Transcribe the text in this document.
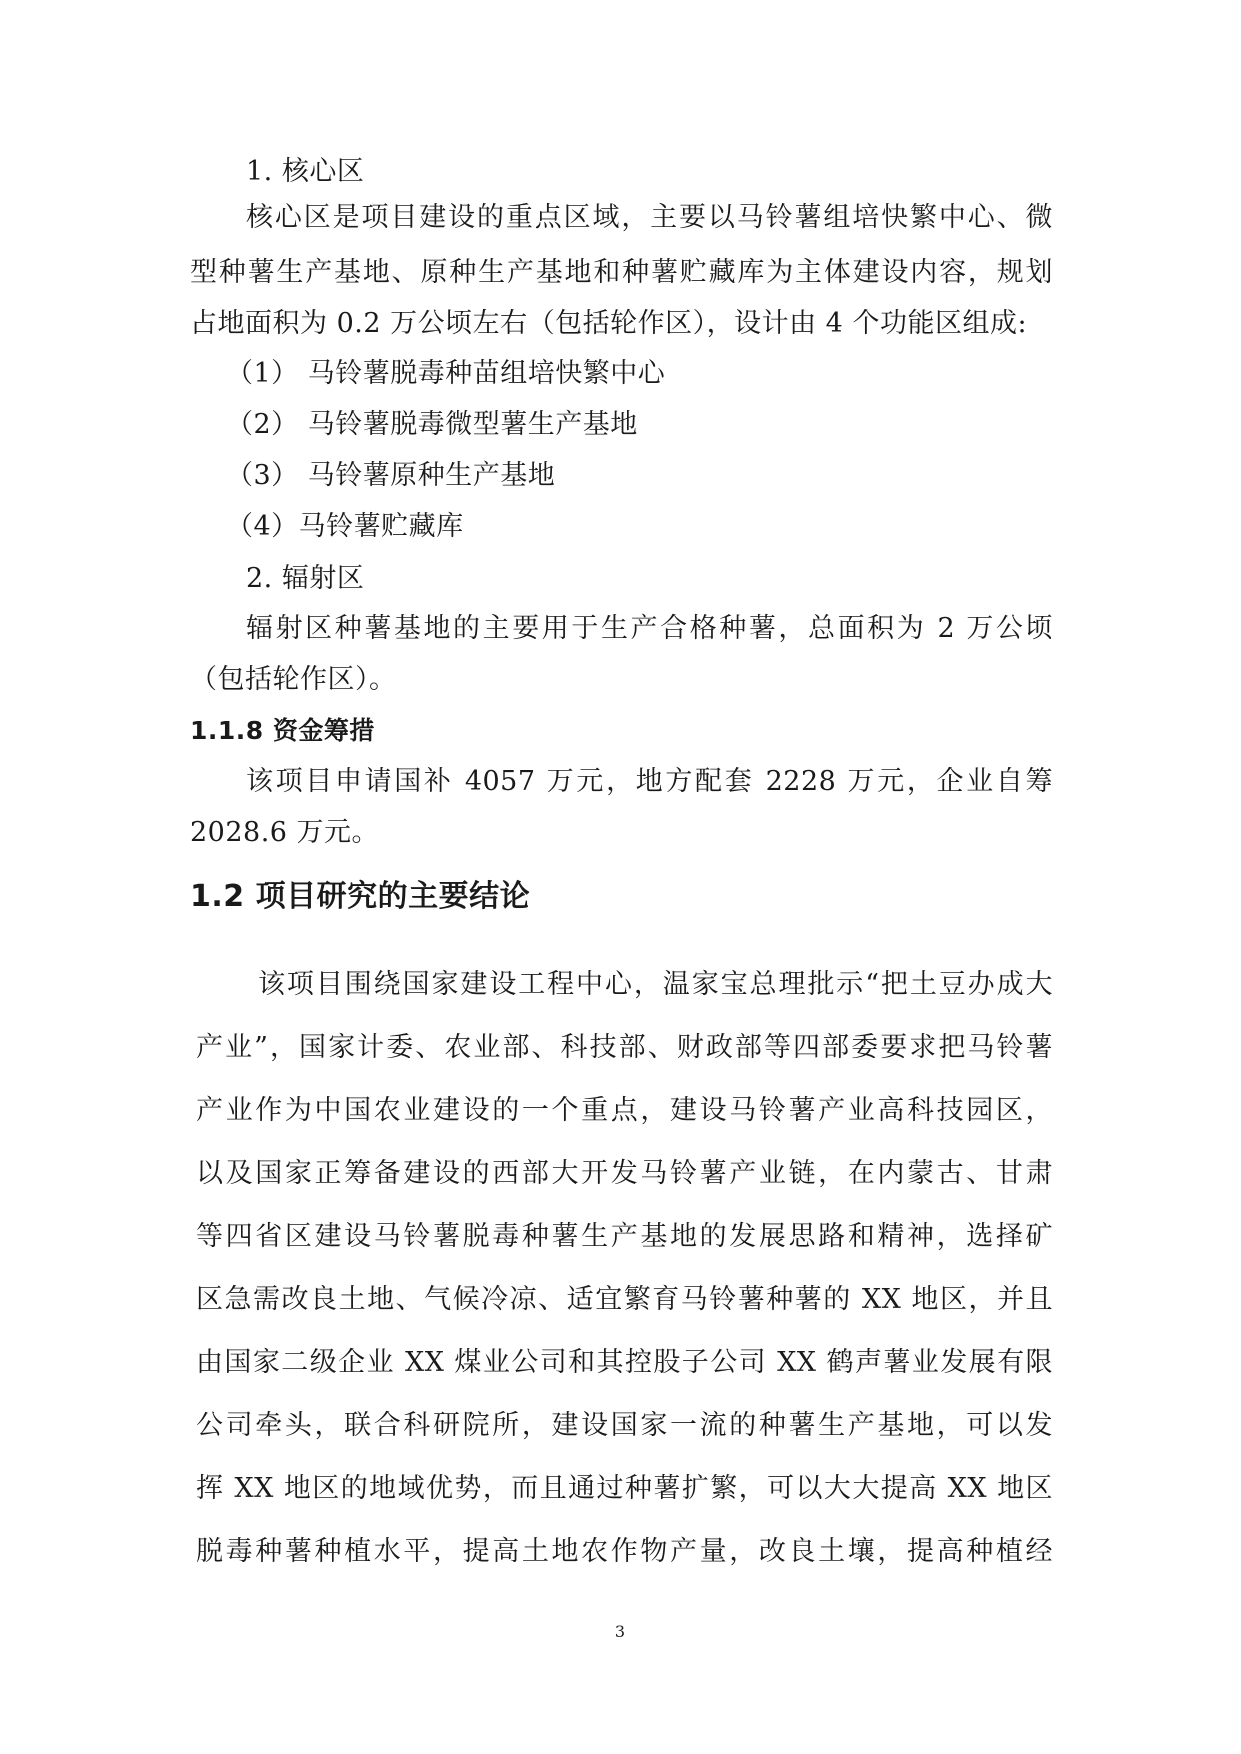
1. 核心区
核心区是项目建设的重点区域，主要以马铃薯组培快繁中心、微
型种薯生产基地、原种生产基地和种薯贮藏库为主体建设内容，规划
占地面积为 0.2 万公顷左右（包括轮作区），设计由 4 个功能区组成:
（1） 马铃薯脱毒种苗组培快繁中心
（2） 马铃薯脱毒微型薯生产基地
（3） 马铃薯原种生产基地
（4）马铃薯贮藏库
2. 辐射区
辐射区种薯基地的主要用于生产合格种薯，总面积为 2 万公顷
（包括轮作区）。
1.1.8 资金筹措
该项目申请国补 4057 万元，地方配套 2228 万元，企业自筹
2028.6 万元。
1.2 项目研究的主要结论
该项目围绕国家建设工程中心，温家宝总理批示“把土豆办成大
产业”，国家计委、农业部、科技部、财政部等四部委要求把马铃薯
产业作为中国农业建设的一个重点，建设马铃薯产业高科技园区，
以及国家正筹备建设的西部大开发马铃薯产业链，在内蒙古、甘肃
等四省区建设马铃薯脱毒种薯生产基地的发展思路和精神，选择矿
区急需改良土地、气候冷凉、适宜繁育马铃薯种薯的 XX 地区，并且
由国家二级企业 XX 煤业公司和其控股子公司 XX 鹤声薯业发展有限
公司牵头，联合科研院所，建设国家一流的种薯生产基地，可以发
挥 XX 地区的地域优势，而且通过种薯扩繁，可以大大提高 XX 地区
脱毒种薯种植水平，提高土地农作物产量，改良土壤，提高种植经
3
